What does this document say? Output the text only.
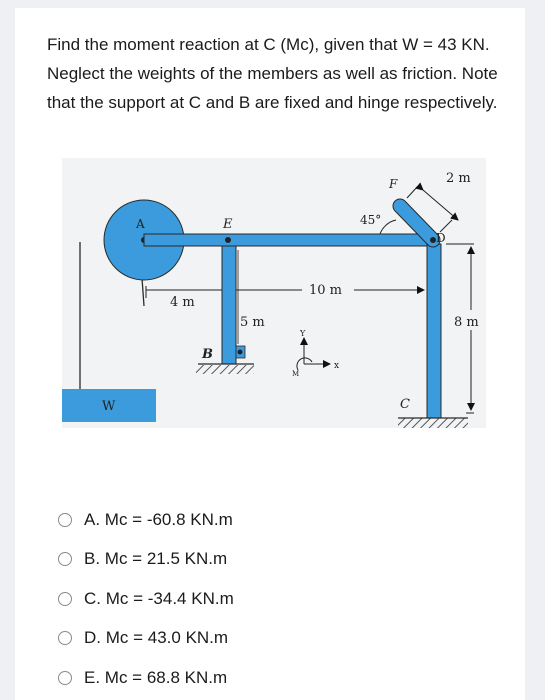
Find the moment reaction at C (Mc), given that W = 43 KN. Neglect the weights of the members as well as friction. Note that the support at C and B are fixed and hinge respectively.

A	E
F
D
B
C
W
45°
2 m
8 m
10 m
4 m
5 m
Y
x
M
A. Mc = -60.8 KN.m
B. Mc = 21.5 KN.m
C. Mc = -34.4 KN.m
D. Mc = 43.0 KN.m
E. Mc = 68.8 KN.m
